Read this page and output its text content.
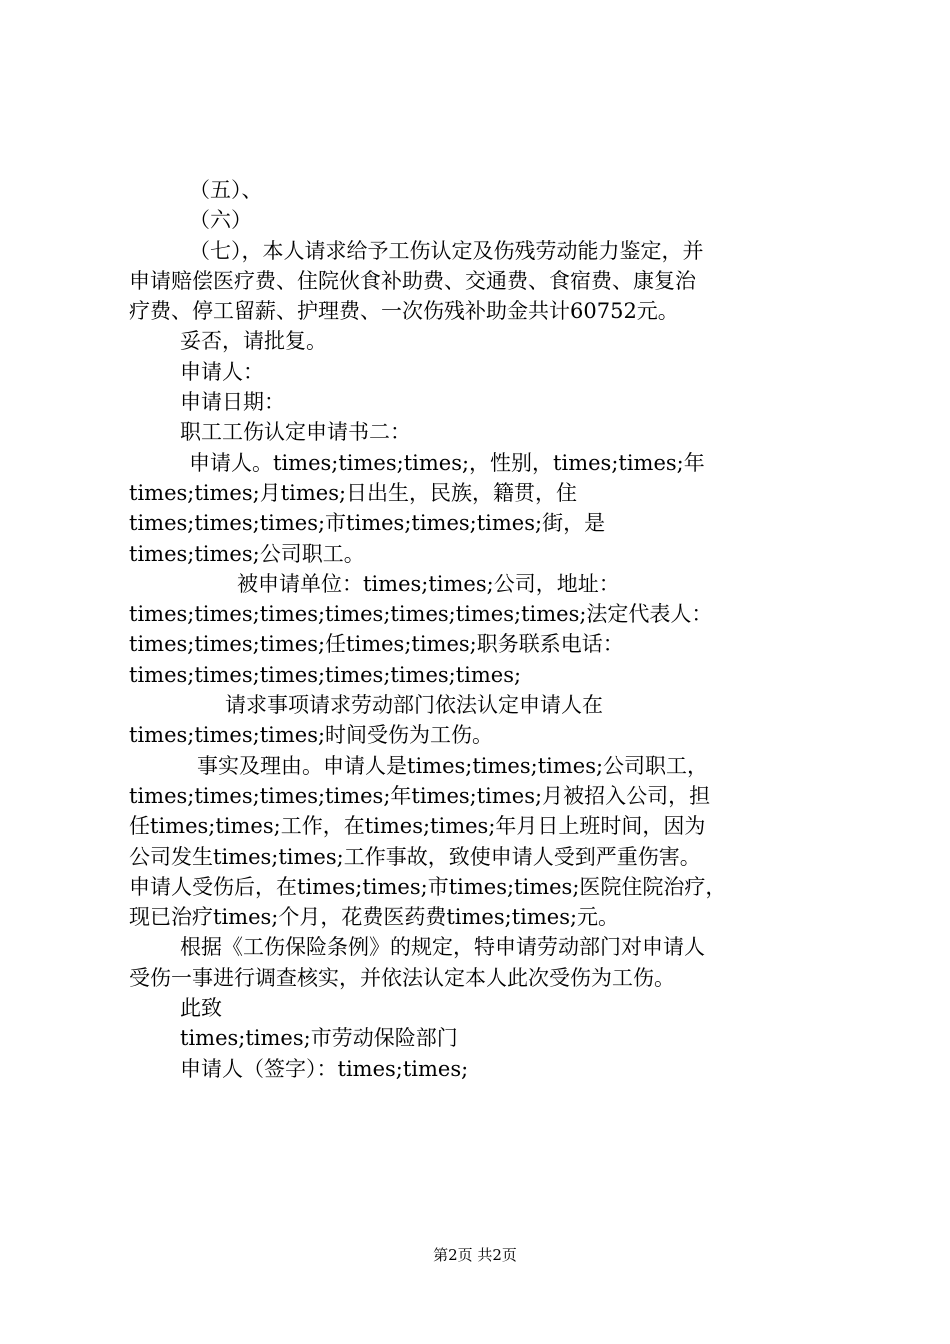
（五）、
（六）
（七），本人请求给予工伤认定及伤残劳动能力鉴定，并
申请赔偿医疗费、住院伙食补助费、交通费、食宿费、康复治
疗费、停工留薪、护理费、一次伤残补助金共计60752元。
妥否，请批复。
申请人：
申请日期：
职工工伤认定申请书二：
申请人。times;times;times;，性别，times;times;年
times;times;月times;日出生，民族，籍贯，住
times;times;times;市times;times;times;街，是
times;times;公司职工。
被申请单位：times;times;公司，地址：
times;times;times;times;times;times;times;法定代表人：
times;times;times;任times;times;职务联系电话：
times;times;times;times;times;times;
请求事项请求劳动部门依法认定申请人在
times;times;times;时间受伤为工伤。
事实及理由。申请人是times;times;times;公司职工，
times;times;times;times;年times;times;月被招入公司，担
任times;times;工作，在times;times;年月日上班时间，因为
公司发生times;times;工作事故，致使申请人受到严重伤害。
申请人受伤后，在times;times;市times;times;医院住院治疗，
现已治疗times;个月，花费医药费times;times;元。
根据《工伤保险条例》的规定，特申请劳动部门对申请人
受伤一事进行调查核实，并依法认定本人此次受伤为工伤。
此致
times;times;市劳动保险部门
申请人（签字）：times;times;
第2页 共2页
